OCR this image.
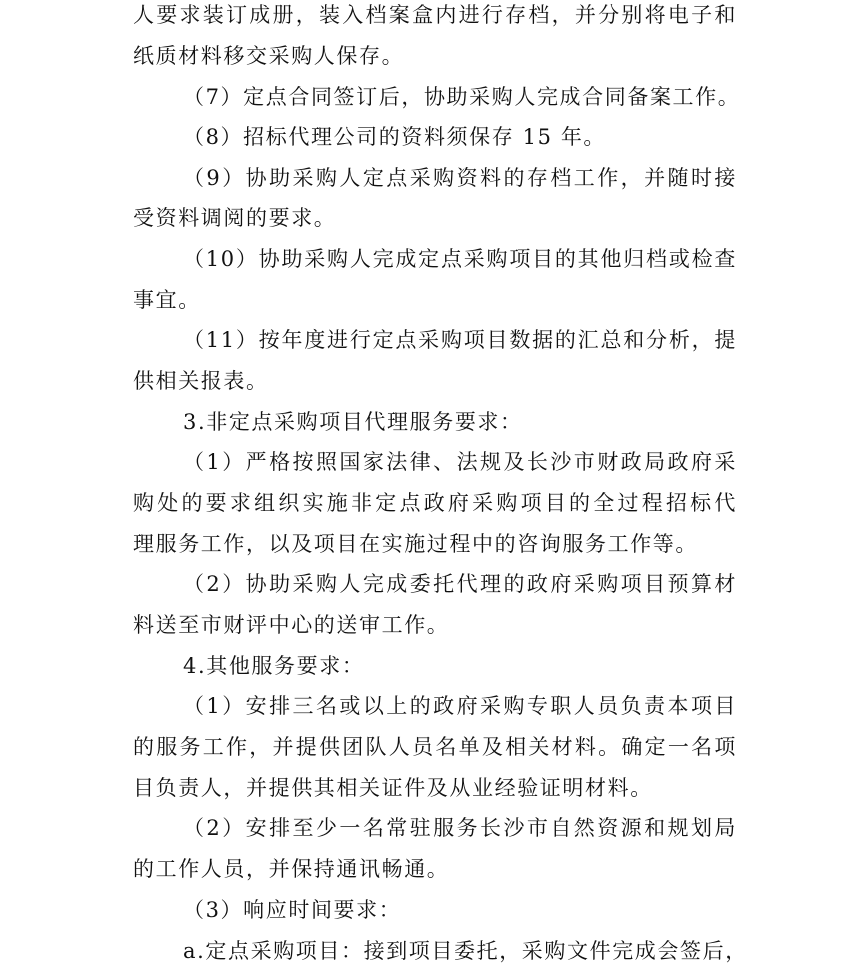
人要求装订成册，装入档案盒内进行存档，并分别将电子和
纸质材料移交采购人保存。
（7）定点合同签订后，协助采购人完成合同备案工作。
（8）招标代理公司的资料须保存 15 年。
（9）协助采购人定点采购资料的存档工作，并随时接
受资料调阅的要求。
（10）协助采购人完成定点采购项目的其他归档或检查
事宜。
（11）按年度进行定点采购项目数据的汇总和分析，提
供相关报表。
3.非定点采购项目代理服务要求：
（1）严格按照国家法律、法规及长沙市财政局政府采
购处的要求组织实施非定点政府采购项目的全过程招标代
理服务工作，以及项目在实施过程中的咨询服务工作等。
（2）协助采购人完成委托代理的政府采购项目预算材
料送至市财评中心的送审工作。
4.其他服务要求：
（1）安排三名或以上的政府采购专职人员负责本项目
的服务工作，并提供团队人员名单及相关材料。确定一名项
目负责人，并提供其相关证件及从业经验证明材料。
（2）安排至少一名常驻服务长沙市自然资源和规划局
的工作人员，并保持通讯畅通。
（3）响应时间要求：
a.定点采购项目：接到项目委托，采购文件完成会签后，
